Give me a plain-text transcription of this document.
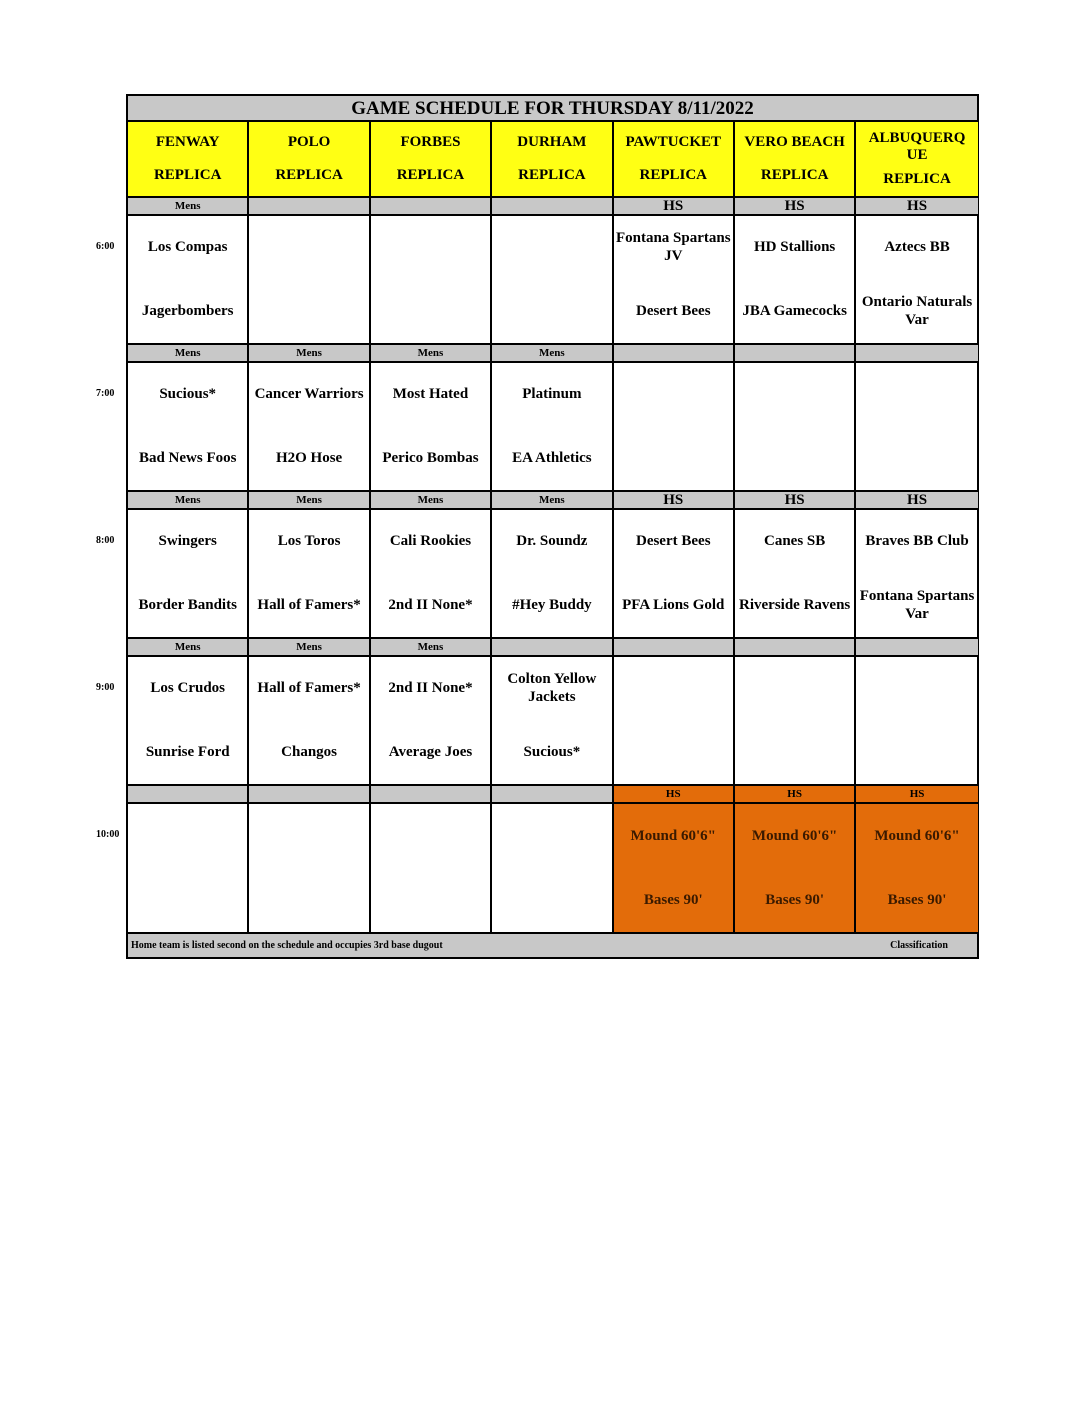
GAME SCHEDULE FOR THURSDAY 8/11/2022
FENWAY
REPLICA
Mens
Los Compas
Jagerbombers
Mens
Sucious*
Bad News Foos
Mens
Swingers
Border Bandits
Mens
Los Crudos
Sunrise Ford
POLO
REPLICA
Mens
Cancer Warriors
H2O Hose
Mens
Los Toros
Hall of Famers*
Mens
Hall of Famers*
Changos
FORBES
REPLICA
Mens
Most Hated
Perico Bombas
Mens
Cali Rookies
2nd II None*
Mens
2nd II None*
Average Joes
DURHAM
REPLICA
Mens
Platinum
EA Athletics
Mens
Dr. Soundz
#Hey Buddy
Colton Yellow Jackets
Sucious*
PAWTUCKET
REPLICA
HS
Fontana Spartans JV
Desert Bees
HS
Desert Bees
PFA Lions Gold
HS
Mound 60'6"
Bases 90'
VERO BEACH
REPLICA
HS
HD Stallions
JBA Gamecocks
HS
Canes SB
Riverside Ravens
HS
Mound 60'6"
Bases 90'
ALBUQUERQUE
REPLICA
HS
Aztecs BB
Ontario Naturals Var
HS
Braves BB Club
Fontana Spartans Var
HS
Mound 60'6"
Bases 90'
Home team is listed second on the schedule and occupies 3rd base dugout	Classification
6:00
7:00
8:00
9:00
10:00
